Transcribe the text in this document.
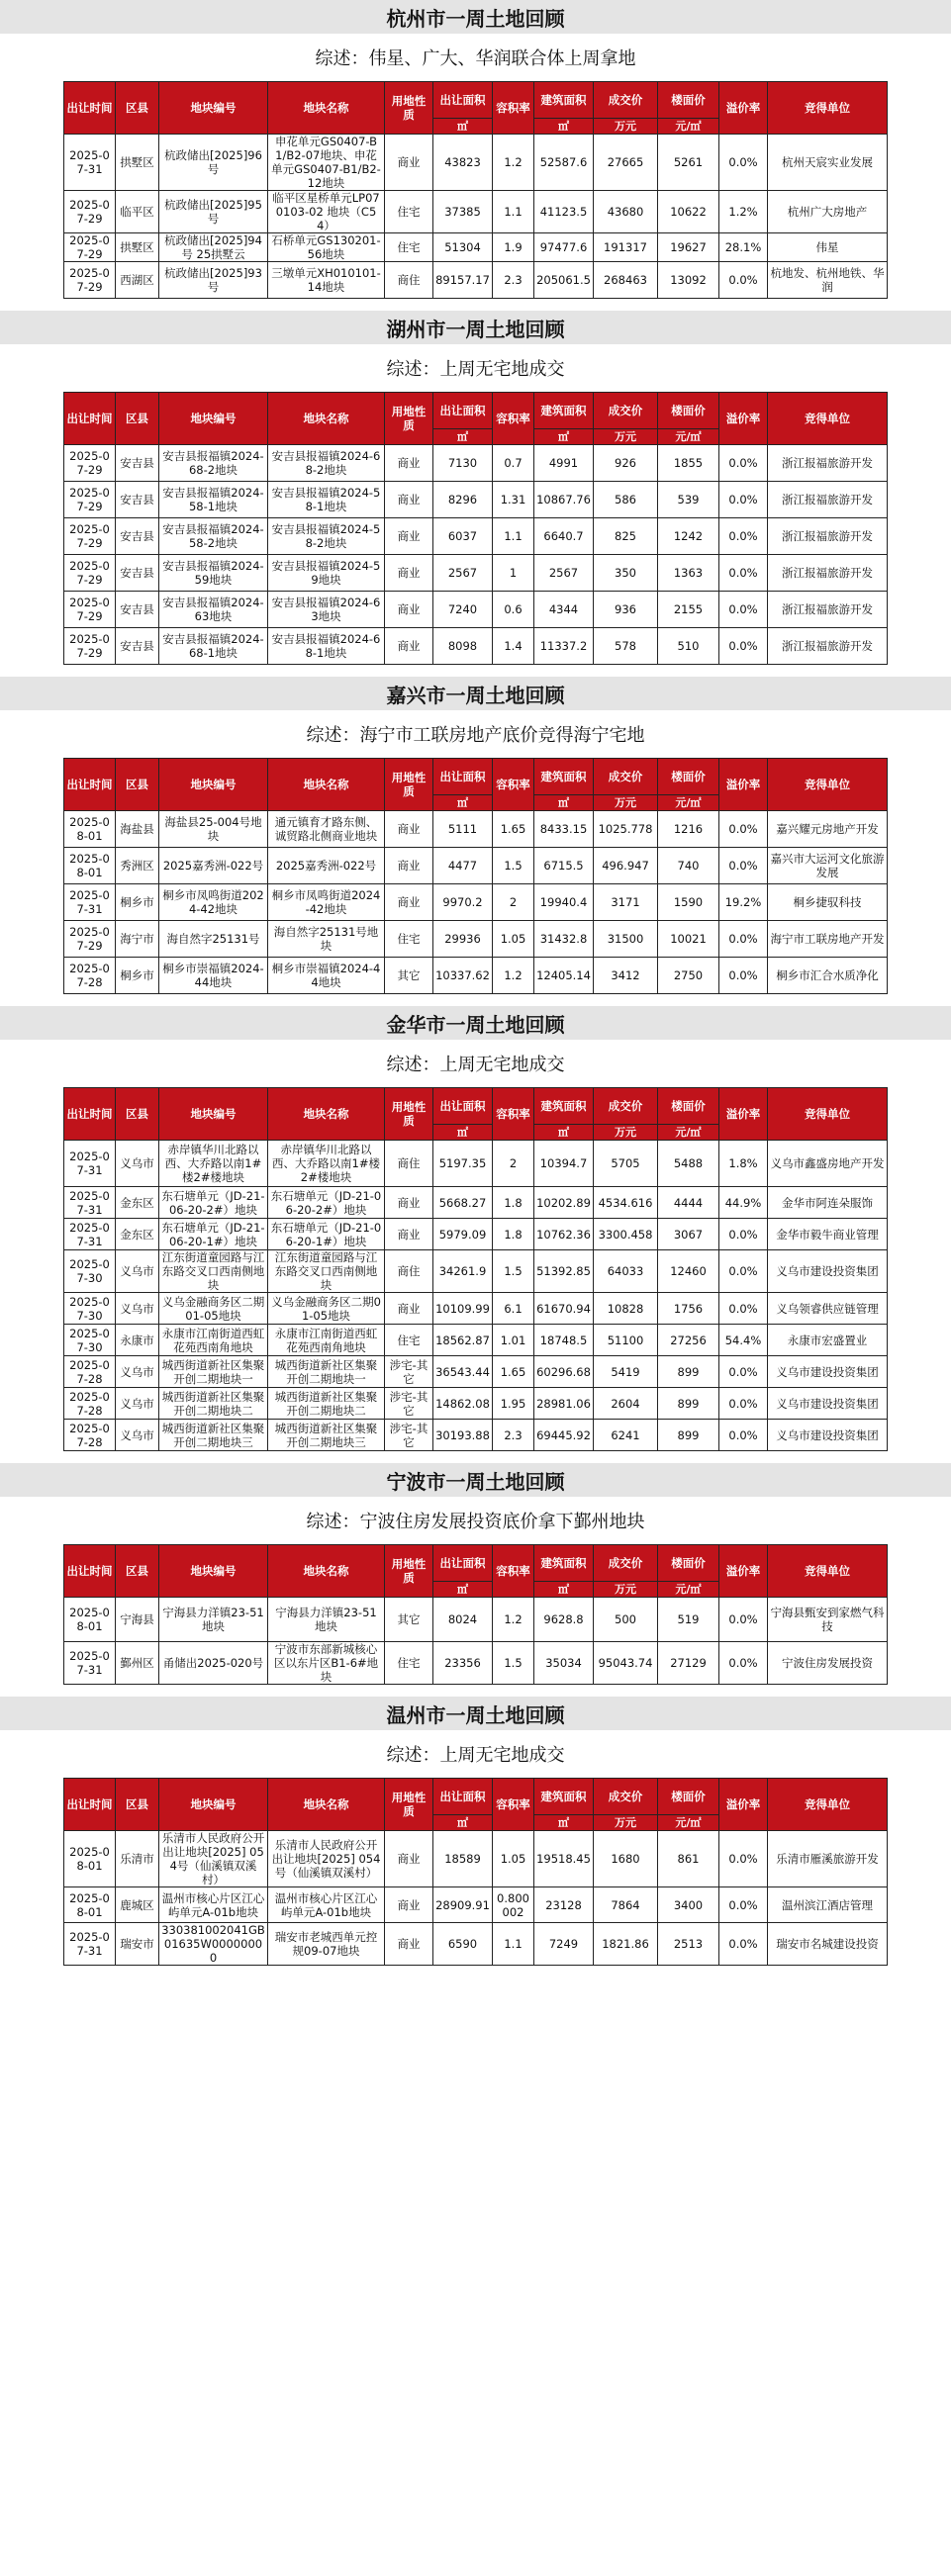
杭州市一周土地回顾
综述：伟星、广大、华润联合体上周拿地
出让时间	区县	地块编号	地块名称	用地性质	出让面积	容积率	建筑面积	成交价	楼面价	溢价率	竞得单位
					㎡		㎡	万元	元/㎡		
2025-07-31	拱墅区	杭政储出[2025]96号	申花单元GS0407-B1/B2-07地块、申花单元GS0407-B1/B2-12地块	商业	43823	1.2	52587.6	27665	5261	0.0%	杭州天宸实业发展
2025-07-29	临平区	杭政储出[2025]95号	临平区星桥单元LP070103-02 地块（C54）	住宅	37385	1.1	41123.5	43680	10622	1.2%	杭州广大房地产
2025-07-29	拱墅区	杭政储出[2025]94号 25拱墅云	石桥单元GS130201-56地块	住宅	51304	1.9	97477.6	191317	19627	28.1%	伟星
2025-07-29	西湖区	杭政储出[2025]93号	三墩单元XH010101-14地块	商住	89157.17	2.3	205061.5	268463	13092	0.0%	杭地发、杭州地铁、华润
湖州市一周土地回顾
综述：上周无宅地成交
出让时间	区县	地块编号	地块名称	用地性质	出让面积	容积率	建筑面积	成交价	楼面价	溢价率	竞得单位
					㎡		㎡	万元	元/㎡		
2025-07-29	安吉县	安吉县报福镇2024-68-2地块	安吉县报福镇2024-68-2地块	商业	7130	0.7	4991	926	1855	0.0%	浙江报福旅游开发
2025-07-29	安吉县	安吉县报福镇2024-58-1地块	安吉县报福镇2024-58-1地块	商业	8296	1.31	10867.76	586	539	0.0%	浙江报福旅游开发
2025-07-29	安吉县	安吉县报福镇2024-58-2地块	安吉县报福镇2024-58-2地块	商业	6037	1.1	6640.7	825	1242	0.0%	浙江报福旅游开发
2025-07-29	安吉县	安吉县报福镇2024-59地块	安吉县报福镇2024-59地块	商业	2567	1	2567	350	1363	0.0%	浙江报福旅游开发
2025-07-29	安吉县	安吉县报福镇2024-63地块	安吉县报福镇2024-63地块	商业	7240	0.6	4344	936	2155	0.0%	浙江报福旅游开发
2025-07-29	安吉县	安吉县报福镇2024-68-1地块	安吉县报福镇2024-68-1地块	商业	8098	1.4	11337.2	578	510	0.0%	浙江报福旅游开发
嘉兴市一周土地回顾
综述：海宁市工联房地产底价竞得海宁宅地
出让时间	区县	地块编号	地块名称	用地性质	出让面积	容积率	建筑面积	成交价	楼面价	溢价率	竞得单位
					㎡		㎡	万元	元/㎡		
2025-08-01	海盐县	海盐县25-004号地块	通元镇育才路东侧、诚贸路北侧商业地块	商业	5111	1.65	8433.15	1025.778	1216	0.0%	嘉兴耀元房地产开发
2025-08-01	秀洲区	2025嘉秀洲-022号	2025嘉秀洲-022号	商业	4477	1.5	6715.5	496.947	740	0.0%	嘉兴市大运河文化旅游发展
2025-07-31	桐乡市	桐乡市凤鸣街道2024-42地块	桐乡市凤鸣街道2024-42地块	商业	9970.2	2	19940.4	3171	1590	19.2%	桐乡捷驭科技
2025-07-29	海宁市	海自然字25131号	海自然字25131号地块	住宅	29936	1.05	31432.8	31500	10021	0.0%	海宁市工联房地产开发
2025-07-28	桐乡市	桐乡市崇福镇2024-44地块	桐乡市崇福镇2024-44地块	其它	10337.62	1.2	12405.14	3412	2750	0.0%	桐乡市汇合水质净化
金华市一周土地回顾
综述：上周无宅地成交
出让时间	区县	地块编号	地块名称	用地性质	出让面积	容积率	建筑面积	成交价	楼面价	溢价率	竞得单位
					㎡		㎡	万元	元/㎡		
2025-07-31	义乌市	赤岸镇华川北路以西、大乔路以南1#楼2#楼地块	赤岸镇华川北路以西、大乔路以南1#楼2#楼地块	商住	5197.35	2	10394.7	5705	5488	1.8%	义乌市鑫盛房地产开发
2025-07-31	金东区	东石塘单元（JD-21-06-20-2#）地块	东石塘单元（JD-21-06-20-2#）地块	商业	5668.27	1.8	10202.89	4534.616	4444	44.9%	金华市阿连朵服饰
2025-07-31	金东区	东石塘单元（JD-21-06-20-1#）地块	东石塘单元（JD-21-06-20-1#）地块	商业	5979.09	1.8	10762.36	3300.458	3067	0.0%	金华市毅牛商业管理
2025-07-30	义乌市	江东街道童园路与江东路交叉口西南侧地块	江东街道童园路与江东路交叉口西南侧地块	商住	34261.9	1.5	51392.85	64033	12460	0.0%	义乌市建设投资集团
2025-07-30	义乌市	义乌金融商务区二期01-05地块	义乌金融商务区二期01-05地块	商业	10109.99	6.1	61670.94	10828	1756	0.0%	义乌领睿供应链管理
2025-07-30	永康市	永康市江南街道西虹花苑西南角地块	永康市江南街道西虹花苑西南角地块	住宅	18562.87	1.01	18748.5	51100	27256	54.4%	永康市宏盛置业
2025-07-28	义乌市	城西街道新社区集聚开创二期地块一	城西街道新社区集聚开创二期地块一	涉宅-其它	36543.44	1.65	60296.68	5419	899	0.0%	义乌市建设投资集团
2025-07-28	义乌市	城西街道新社区集聚开创二期地块二	城西街道新社区集聚开创二期地块二	涉宅-其它	14862.08	1.95	28981.06	2604	899	0.0%	义乌市建设投资集团
2025-07-28	义乌市	城西街道新社区集聚开创二期地块三	城西街道新社区集聚开创二期地块三	涉宅-其它	30193.88	2.3	69445.92	6241	899	0.0%	义乌市建设投资集团
宁波市一周土地回顾
综述：宁波住房发展投资底价拿下鄞州地块
出让时间	区县	地块编号	地块名称	用地性质	出让面积	容积率	建筑面积	成交价	楼面价	溢价率	竞得单位
					㎡		㎡	万元	元/㎡		
2025-08-01	宁海县	宁海县力洋镇23-51地块	宁海县力洋镇23-51地块	其它	8024	1.2	9628.8	500	519	0.0%	宁海县甄安到家燃气科技
2025-07-31	鄞州区	甬储出2025-020号	宁波市东部新城核心区以东片区B1-6#地块	住宅	23356	1.5	35034	95043.74	27129	0.0%	宁波住房发展投资
温州市一周土地回顾
综述：上周无宅地成交
出让时间	区县	地块编号	地块名称	用地性质	出让面积	容积率	建筑面积	成交价	楼面价	溢价率	竞得单位
					㎡		㎡	万元	元/㎡		
2025-08-01	乐清市	乐清市人民政府公开出让地块[2025] 054号（仙溪镇双溪村）	乐清市人民政府公开出让地块[2025] 054号（仙溪镇双溪村）	商业	18589	1.05	19518.45	1680	861	0.0%	乐清市雁溪旅游开发
2025-08-01	鹿城区	温州市核心片区江心屿单元A-01b地块	温州市核心片区江心屿单元A-01b地块	商业	28909.91	0.800002	23128	7864	3400	0.0%	温州滨江酒店管理
2025-07-31	瑞安市	330381002041GB01635W00000000	瑞安市老城西单元控规09-07地块	商业	6590	1.1	7249	1821.86	2513	0.0%	瑞安市名城建设投资
